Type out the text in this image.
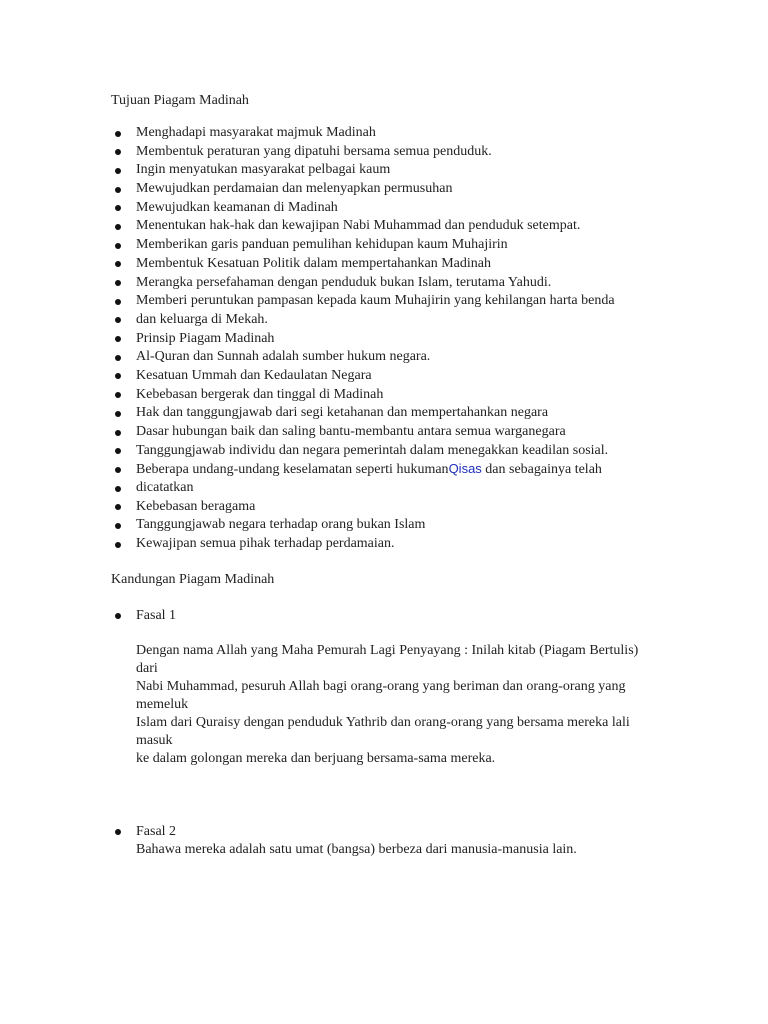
Tujuan Piagam Madinah
Menghadapi masyarakat majmuk Madinah
Membentuk peraturan yang dipatuhi bersama semua penduduk.
Ingin menyatukan masyarakat pelbagai kaum
Mewujudkan perdamaian dan melenyapkan permusuhan
Mewujudkan keamanan di Madinah
Menentukan hak-hak dan kewajipan Nabi Muhammad dan penduduk setempat.
Memberikan garis panduan pemulihan kehidupan kaum Muhajirin
Membentuk Kesatuan Politik dalam mempertahankan Madinah
Merangka persefahaman dengan penduduk bukan Islam, terutama Yahudi.
Memberi peruntukan pampasan kepada kaum Muhajirin yang kehilangan harta benda
dan keluarga di Mekah.
Prinsip Piagam Madinah
Al-Quran dan Sunnah adalah sumber hukum negara.
Kesatuan Ummah dan Kedaulatan Negara
Kebebasan bergerak dan tinggal di Madinah
Hak dan tanggungjawab dari segi ketahanan dan mempertahankan negara
Dasar hubungan baik dan saling bantu-membantu antara semua warganegara
Tanggungjawab individu dan negara pemerintah dalam menegakkan keadilan sosial.
Beberapa undang-undang keselamatan seperti hukumanQisas dan sebagainya telah
dicatatkan
Kebebasan beragama
Tanggungjawab negara terhadap orang bukan Islam
Kewajipan semua pihak terhadap perdamaian.
Kandungan Piagam Madinah
Fasal 1

Dengan nama Allah yang Maha Pemurah Lagi Penyayang : Inilah kitab (Piagam Bertulis)

dari

Nabi Muhammad, pesuruh Allah bagi orang-orang yang beriman dan orang-orang yang

memeluk

Islam dari Quraisy dengan penduduk Yathrib dan orang-orang yang bersama mereka lali

masuk

ke dalam golongan mereka dan berjuang bersama-sama mereka.

Fasal 2

Bahawa mereka adalah satu umat (bangsa) berbeza dari manusia-manusia lain.
